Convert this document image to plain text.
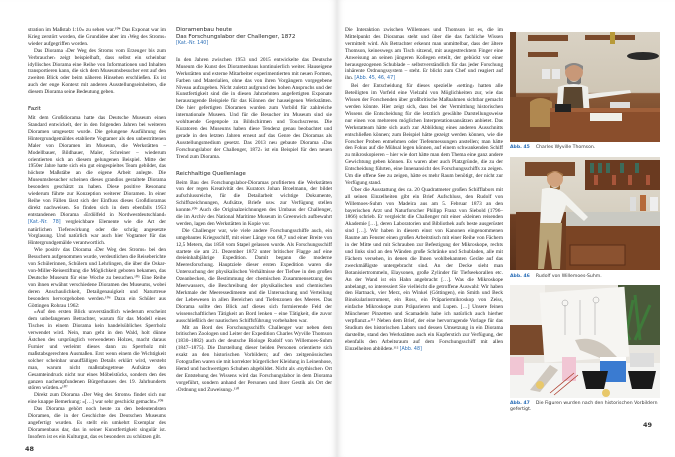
stration im Maßstab 1:10« zu sehen war.¹⁰⁴ Das Exponat war im Krieg zerstört worden, die Grundidee aber im ›Weg des Stroms‹ wieder aufgegriffen worden.

Das Diorama ›Der Weg des Stroms vom Erzeuger bis zum Verbraucher‹ zeigt beispielhaft, dass selbst ein scheinbar idyllisches Diorama eine Reihe von Informationen und Inhalten transportieren kann, die sich dem Museumsbesucher erst auf den zweiten Blick oder beim näheren Hinsehen erschließen. Es ist auch der enge Kontext mit anderen Ausstellungseinheiten, die diesem Diorama seine Bedeutung geben.

Fazit

Mit dem Großdiorama hatte das Deutsche Museum einen Standard entwickelt, der in den folgenden Jahren bei weiteren Dioramen umgesetzt wurde. Die gelungene Ausführung des Hintergrundgemäldes etablierte Vogtamer als den unbestrittenen Maler von Dioramen im Museum, die Werkstätten – Modellbauer, Bildhauer, Maler, Schreiner – wiederum orientierten sich an diesem gelungenen Beispiel. Mitte der 1950er Jahre hatte sich ein gut eingespieltes Team gebildet, das höchste Maßstäbe an die eigene Arbeit anlegte. Die Museumsbesucher scheinen dieses grandios gestaltete Diorama besonders geschätzt zu haben. Diese positive Resonanz wiederum führte zur Konzeption weiterer Dioramen. In einer Reihe von Fällen lässt sich der Einfluss dieses Großdioramas direkt nachweisen. So finden sich in dem ebenfalls 1953 entstandenen Diorama ›Erdölfeld in Nordwestdeutschland‹ [Kat.-Nr. 78] vergleichbare Elemente wie die Art der natürlichen Tiefenwirkung oder die schräg angesetzte Vorglasung. Und natürlich war auch hier Vogtamer für das Hintergrundgemälde verantwortlich.

Wie positiv das Diorama ›Der Weg des Stroms‹ bei den Besuchern aufgenommen wurde, verdeutlichen die Reiseberichte von Schülerinnen, Schülern und Lehrlingen, die über die Oskar-von-Miller-Reisestiftung die Möglichkeit geboten bekamen, das Deutsche Museum für eine Woche zu besuchen.¹⁰⁵ Eine Reihe von ihnen erwähnt verschiedene Dioramen des Museums, wobei deren Anschaulichkeit, Detailgenauigkeit und Naturtreue besonders hervorgehoben werden.¹⁰⁶ Dazu ein Schüler aus Göttingen Rohrau 1962:

»Auf den ersten Blick unverständlich wiederum erscheint dem unbefangenen Betrachter, warum für das Modell eines Tisches in einem Diorama kein handelsübliches Sperrholz verwendet wird. Nein, man geht in den Wald, holt dünne Ästchen des ursprünglich verwendeten Holzes, macht daraus Furnier und verleimt dieses dann zu Sperrholz mit maßstabsgerechten Ausmaßen. Erst wenn einem die Wichtigkeit solcher scheinbar unauffälligen Details erklärt wird, versteht man, warum nicht maßstabsgetreue Aufsätze den Gesamteindruck nicht nur eines Möbelstücks, sondern den des ganzen nachempfundenen Bürgerhauses des 19. Jahrhunderts stören würden.«¹⁰⁷

Direkt zum Diorama ›Der Weg des Stroms‹ findet sich nur eine knappe Bemerkung: »[…] war sehr geschickt gemacht«.¹⁰⁸

Das Diorama gehört noch heute zu den bedeutendsten Dioramen, die in der Geschichte des Deutschen Museums angefertigt wurden. Es stellt ein umkehrt Exemplar des Dioramenbaus dar, das in seiner Kunstfertigkeit singulär ist. Insofern ist es ein Kulturgut, das es besonders zu schützen gilt.

Dioramenbau heute
Das Forschungslabor der Challenger, 1872
[Kat.-Nr. 140]

In den Jahren zwischen 1953 und 2015 entwickelte das Deutsche Museum die Kunst des Dioramenbaus kontinuierlich weiter. Hauseigene Werkstätten und externe Mitarbeiter experimentierten mit neuen Formen, Farben und Materialien, ohne das von ihren Vorgängern vorgegebene Niveau aufzugeben. Nicht zuletzt aufgrund des hohen Anspruchs und der Kunstfertigkeit sind die in diesen Jahrzehnten angefertigten Exponate herausragende Beispiele für das Können der hauseigenen Werkstätten. Die hier gefertigten Dioramen wurden zum Vorbild für zahlreiche internationale Museen. Und für die Besucher im Museum sind sie wohltuende Gegenpole zu Bildschirmen und Touchscreens. Die Kuratoren des Museums haben diese Tendenz genau beobachtet und gerade in den letzten Jahren erneut auf das Genre des Dioramas als Ausstellungsmedium gesetzt. Das 2013 neu gebaute Diorama ›Das Forschungslabor der Challenger, 1872‹ ist ein Beispiel für den neuen Trend zum Diorama.

Reichhaltige Quellenlage

Beim Bau des Forschungslabor-Dioramas profitierten die Werkstätten von der regen Kreativität des Kurators Johan Broelmann, der bildet aufschlussreiche, für die Detailarbeit wichtige Dokumente, Schiffszeichnungen, Aufsätze, Briefe usw. zur Verfügung stellen konnte.¹⁰⁹ Auch die Originalzeichnungen des Umbaus der Challenger, die im Archiv des National Maritime Museum in Greenwich aufbewahrt werden, lagen den Werkstätten in Kopie vor.

Die Challenger war, wie viele andere Forschungsschiffe auch, ein umgebautes Kriegsschiff, mit einer Länge von 68,7 und einer Breite von 12,5 Metern, das 1858 vom Stapel gelassen wurde. Als Forschungsschiff startete sie am 21. Dezember 1872 unter britischer Flagge auf eine dreieinhalbjährige Expedition. Damit begann die moderne Meeresforschung. Hauptziele dieser ersten Expedition waren die Untersuchung der physikalischen Verhältnisse der Tiefsee in den großen Ozeanbecken, die Bestimmung der chemischen Zusammensetzung des Meerwassers, die Beschreibung der physikalischen und chemischen Merkmale der Meeressedimente und die Untersuchung und Verteilung der Lebewesen in allen Bereichen und Tiefenzonen des Meeres. Das Diorama sollte den Blick auf dieses sich formierende Feld der wissenschaftlichen Tätigkeit an Bord lenken – eine Tätigkeit, die zuvor ausschließlich der nautischen Schiffsführung vorbehalten war.

Mit an Bord des Forschungsschiffs Challenger war neben dem britischen Zoologen und Leiter der Expedition Charles Wyville Thomson (1830–1882) auch der deutsche Biologe Rudolf von Willemoes-Suhm (1847–1875). Die Darstellung dieser beiden Personen orientierte sich exakt an den historischen Vorbildern; auf den zeitgenössischen Fotografien waren sie mit korrekter bürgerlicher Kleidung in Leinenhose, Hemd und hochwertigen Schuhen abgebildet. Nicht als ›mythischer‹ Ort der Entstehung des Wissens wird das Forschungslabor in dem Diorama vorgeführt, sondern anhand der Personen und ihrer Gestik als Ort der ›Ordnung und Zuweisung‹.¹¹⁰

48

Die Interaktion zwischen Willemoes und Thomson ist es, die im Mittelpunkt des Dioramas steht und über die das fachliche Wissen vermittelt wird. Als Betrachter erkennt man unmittelbar, dass der ältere Thomson, keineswegs am Tisch sitzend, mit ausgestrecktem Finger eine Anweisung an seinen jüngeren Kollegen erteilt, der gebückt vor einer herausgezogenen Schublade – selbstverständlich für das jeder Forschung inhärente Ordnungssystem – steht. Er blickt zum Chef und reagiert auf ihn. [Abb. 45, 46, 47]

Bei der Entscheidung für dieses spezielle ›setting‹ hatten alle Beteiligten im Vorfeld eine Vielzahl von Möglichkeiten zur, wie das Wissen der Forschenden über großbritische Maßnahmen sichtbar gemacht werden könnte. Hier zeigt sich, dass bei der Vermittlung historischen Wissens die Entscheidung für die letztlich gewählte Darstellungsweise nur einen von mehreren möglichen Interpretationsansätzen anbietet. Das Werkstatteam hätte sich auch zur Abbildung eines anderen Ausschnitts entschließen können; zum Beispiel hätte gezeigt werden können, wie die Forscher Proben entnehmen oder Tiefenmessungen anstellen; man hätte den Fokus auf die Mühsal legen können, auf einem schwankenden Schiff zu mikroskopieren – hier wie dort hätte man dem Thema eine ganz andere Gewichtung geben können. Es waren aber auch Platzgründe, die zu der Entscheidung führten, eine Innenansicht des Forschungsschiffs zu zeigen. Um die offene See zu zeigen, hätte es mehr Raum benötigt, der nicht zur Verfügung stand.

Über die Ausstattung des ca. 20 Quadratmeter großen Schifflabors mit all seinen Einzelheiten gibt ein Brief Aufschluss, den Rudolf von Willemoes-Suhm von Madeira aus am 5. Februar 1873 an den bayerischen Arzt und Naturforscher Philipp Franz von Siebold (1796–1866) schrieb. Er vergleicht die Challenger mit einer »kleinen reisenden Akademie […], deren Laboratorien und Bibliothek aufs beste ausgerüstet sind […]. Wir haben in diesem einst von Kanonen eingenommenen Raume am Fenster einen großen Arbeitstisch mit einer Reihe von Fächern in der Mitte und mit Schrauben zur Befestigung der Mikroskope, rechts und links sind an den Wänden große Schränke und Schubladen, alle mit Fächern versehen, in denen die Ihnen wohlbekannten Geräte auf das zweckmäßigste untergebracht sind. An der Decke sieht man Botanisiertrommeln, Elaysonen, große Zylinder für Tiefseekorallen etc. An der Wand ist ein Hahn angebracht […]. Was die Mikroskope anbelangt, so interessiert Sie vielleicht die getroffene Auswahl: Wir haben den Hartnack, vier Merz, ein Winkel (Göttingen), ein Smith und Beck Binokularinstrument, ein Ross, ein Präpariermikroskop von Zeiss, einfache Mikroskope zum Präparieren und Lupen. […] Unsere feinen Münchener Pinzetten und Scamadeln habe ich natürlich auch hierher verpflanzt.«¹¹¹ Neben dem Brief, der eine hervorragende Vorlage für das Studium des historischen Labors und dessen Umsetzung in ein Diorama darstellte, stand den Werkstätten auch ein Kupferstich zur Verfügung, der ebenfalls den Arbeitsraum auf dem Forschungsschiff mit allen Einzelheiten abbildete.¹¹² [Abb. 48]

Abb. 45 Charles Wyville Thomson.
Abb. 46 Rudolf von Willemoes-Suhm.
Abb. 47 Die Figuren wurden nach den historischen Vorbildern gefertigt.
49
